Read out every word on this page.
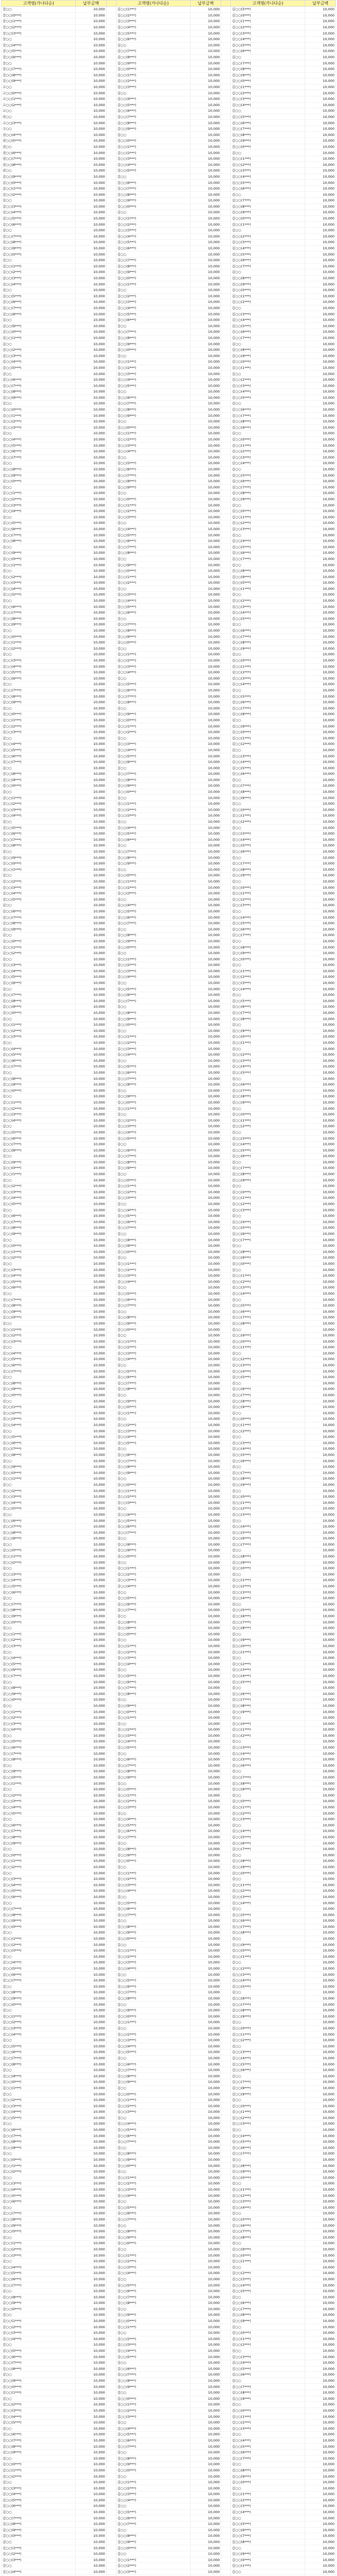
고객명(가나다순)	납부금액		고객명(가나다순)	납부금액		고객명(가나다순)	납부금액
강○○	10,000		김○○(1***)	10,000		김○○(5***)	10,000
강○○(0***)	10,000		김○○(2***)	10,000		김○○(0***)	10,000
강○○(1***)	10,000		김○○(3***)	10,000		김○○(1***)	10,000
강○○(2***)	10,000		김○○(4***)	10,000		김○○(2***)	10,000
강○○(3***)	10,000		김○○(5***)	10,000		김○○(3***)	10,000
강○○	10,000		김○○(6***)	10,000		김○○(4***)	10,000
강○○(4***)	10,000		김○○	10,000		김○○(5***)	10,000
강○○(5***)	10,000		김○○(7***)	10,000		김○○(6***)	10,000
강○○(6***)	10,000		김○○(8***)	10,000		김○○	10,000
강○○	10,000		김○○(9***)	10,000		김○○(7***)	10,000
강○○(7***)	10,000		김○○(0***)	10,000		김○○(8***)	10,000
강○○(8***)	10,000		김○○(1***)	10,000		김○○(9***)	10,000
강○○(9***)	10,000		김○○(2***)	10,000		김○○(0***)	10,000
고○○	10,000		김○○(3***)	10,000		김○○(1***)	10,000
고○○(0***)	10,000		김○○	10,000		김○○(2***)	10,000
고○○(1***)	10,000		김○○(4***)	10,000		김○○(3***)	10,000
고○○(2***)	10,000		김○○(5***)	10,000		김○○(4***)	10,000
고○○	10,000		김○○(6***)	10,000		김○○	10,000
곽○○	10,000		김○○(7***)	10,000		김○○(5***)	10,000
구○○(3***)	10,000		김○○(8***)	10,000		김○○(6***)	10,000
구○○	10,000		김○○(9***)	10,000		김○○(7***)	10,000
권○○(4***)	10,000		김○○	10,000		김○○(8***)	10,000
권○○(5***)	10,000		김○○(0***)	10,000		김○○(9***)	10,000
권○○	10,000		김○○(1***)	10,000		김○○(0***)	10,000
권○○(6***)	10,000		김○○(2***)	10,000		김○○	10,000
권○○(7***)	10,000		김○○(3***)	10,000		김○○(1***)	10,000
권○○(8***)	10,000		김○○(4***)	10,000		김○○(2***)	10,000
권○○	10,000		김○○(5***)	10,000		김○○(3***)	10,000
김○○(9***)	10,000		김○○	10,000		김○○(4***)	10,000
김○○(0***)	10,000		김○○(6***)	10,000		김○○(5***)	10,000
김○○(1***)	10,000		김○○(7***)	10,000		김○○(6***)	10,000
김○○(2***)	10,000		김○○(8***)	10,000		김○○	10,000
김○○	10,000		김○○(9***)	10,000		김○○(7***)	10,000
김○○(3***)	10,000		김○○(0***)	10,000		김○○(8***)	10,000
김○○(4***)	10,000		김○○	10,000		김○○(9***)	10,000
김○○(5***)	10,000		김○○(1***)	10,000		김○○(0***)	10,000
김○○(6***)	10,000		김○○(2***)	10,000		김○○(1***)	10,000
김○○	10,000		김○○(3***)	10,000		김○○	10,000
김○○(7***)	10,000		김○○(4***)	10,000		김○○(2***)	10,000
김○○(8***)	10,000		김○○(5***)	10,000		김○○(3***)	10,000
김○○(9***)	10,000		김○○(6***)	10,000		김○○(4***)	10,000
김○○(0***)	10,000		김○○	10,000		김○○(5***)	10,000
김○○	10,000		김○○(7***)	10,000		김○○(6***)	10,000
김○○(1***)	10,000		김○○(8***)	10,000		김○○(7***)	10,000
김○○(2***)	10,000		김○○(9***)	10,000		김○○	10,000
김○○(3***)	10,000		김○○(0***)	10,000		김○○(8***)	10,000
김○○(4***)	10,000		김○○(1***)	10,000		김○○(9***)	10,000
김○○	10,000		김○○	10,000		김○○(0***)	10,000
김○○(5***)	10,000		김○○(2***)	10,000		김○○(1***)	10,000
김○○(6***)	10,000		김○○(3***)	10,000		김○○(2***)	10,000
김○○(7***)	10,000		김○○(4***)	10,000		김○○	10,000
김○○(8***)	10,000		김○○(5***)	10,000		김○○(3***)	10,000
김○○	10,000		김○○(6***)	10,000		김○○(4***)	10,000
김○○(9***)	10,000		김○○	10,000		김○○(5***)	10,000
김○○(0***)	10,000		김○○(7***)	10,000		김○○(6***)	10,000
김○○(1***)	10,000		김○○(8***)	10,000		김○○(7***)	10,000
김○○	10,000		김○○(9***)	10,000		김○○	10,000
김○○(2***)	10,000		김○○(0***)	10,000		김○○(8***)	10,000
김○○(3***)	10,000		김○○	10,000		김○○(9***)	10,000
김○○(4***)	10,000		김○○(1***)	10,000		김○○(0***)	10,000
김○○(5***)	10,000		김○○(2***)	10,000		김○○(1***)	10,000
김○○	10,000		김○○(3***)	10,000		김○○	10,000
김○○(6***)	10,000		김○○(4***)	10,000		김○○(2***)	10,000
김○○(7***)	10,000		김○○(5***)	10,000		김○○(3***)	10,000
김○○(8***)	10,000		김○○	10,000		김○○(4***)	10,000
김○○(9***)	10,000		김○○(6***)	10,000		김○○(5***)	10,000
김○○	10,000		김○○(7***)	10,000		김○○	10,000
김○○(0***)	10,000		김○○(8***)	10,000		김○○(6***)	10,000
김○○(1***)	10,000		김○○(9***)	10,000		김○○(7***)	10,000
김○○(2***)	10,000		김○○	10,000		김○○(8***)	10,000
김○○(3***)	10,000		김○○(0***)	10,000		김○○(9***)	10,000
김○○	10,000		김○○(1***)	10,000		김○○	10,000
김○○(4***)	10,000		김○○(2***)	10,000		김○○(0***)	10,000
김○○(5***)	10,000		김○○(3***)	10,000		김○○(1***)	10,000
김○○(6***)	10,000		김○○(4***)	10,000		김○○(2***)	10,000
김○○(7***)	10,000		김○○	10,000		김○○(3***)	10,000
김○○	10,000		김○○(5***)	10,000		김○○(4***)	10,000
김○○(8***)	10,000		김○○(6***)	10,000		김○○	10,000
김○○(9***)	10,000		김○○(7***)	10,000		김○○(5***)	10,000
김○○(0***)	10,000		김○○(8***)	10,000		김○○(6***)	10,000
김○○	10,000		김○○(9***)	10,000		김○○(7***)	10,000
김○○(1***)	10,000		김○○	10,000		김○○(8***)	10,000
김○○(2***)	10,000		김○○(0***)	10,000		김○○(9***)	10,000
김○○(3***)	10,000		김○○(1***)	10,000		김○○	10,000
김○○(4***)	10,000		김○○(2***)	10,000		김○○(0***)	10,000
김○○	10,000		김○○(3***)	10,000		김○○(1***)	10,000
김○○(5***)	10,000		김○○	10,000		김○○(2***)	10,000
김○○(6***)	10,000		김○○(4***)	10,000		김○○(3***)	10,000
김○○(7***)	10,000		김○○(5***)	10,000		김○○	10,000
김○○(8***)	10,000		김○○(6***)	10,000		김○○(4***)	10,000
김○○	10,000		김○○(7***)	10,000		김○○(5***)	10,000
김○○(9***)	10,000		김○○(8***)	10,000		김○○(6***)	10,000
김○○(0***)	10,000		김○○	10,000		김○○(7***)	10,000
김○○(1***)	10,000		김○○(9***)	10,000		김○○	10,000
김○○	10,000		김○○(0***)	10,000		김○○(8***)	10,000
김○○(2***)	10,000		김○○(1***)	10,000		김○○(9***)	10,000
김○○(3***)	10,000		김○○(2***)	10,000		김○○(0***)	10,000
김○○(4***)	10,000		김○○	10,000		김○○(1***)	10,000
김○○(5***)	10,000		김○○(3***)	10,000		김○○	10,000
김○○	10,000		김○○(4***)	10,000		김○○(2***)	10,000
김○○(6***)	10,000		김○○(5***)	10,000		김○○(3***)	10,000
김○○(7***)	10,000		김○○(6***)	10,000		김○○(4***)	10,000
김○○(8***)	10,000		김○○	10,000		김○○(5***)	10,000
김○○(9***)	10,000		김○○(7***)	10,000		김○○	10,000
김○○	10,000		김○○(8***)	10,000		김○○(6***)	10,000
김○○(0***)	10,000		김○○(9***)	10,000		김○○(7***)	10,000
김○○(1***)	10,000		김○○(0***)	10,000		김○○(8***)	10,000
김○○(2***)	10,000		김○○	10,000		김○○(9***)	10,000
김○○	10,000		김○○(1***)	10,000		김○○	10,000
김○○(3***)	10,000		김○○(2***)	10,000		김○○(0***)	10,000
김○○(4***)	10,000		김○○(3***)	10,000		김○○(1***)	10,000
김○○(5***)	10,000		김○○(4***)	10,000		김○○(2***)	10,000
김○○(6***)	10,000		김○○	10,000		김○○(3***)	10,000
김○○	10,000		김○○(5***)	10,000		김○○(4***)	10,000
김○○(7***)	10,000		김○○(6***)	10,000		김○○	10,000
김○○(8***)	10,000		김○○(7***)	10,000		김○○(5***)	10,000
김○○(9***)	10,000		김○○(8***)	10,000		김○○(6***)	10,000
김○○	10,000		김○○	10,000		김○○(7***)	10,000
김○○(0***)	10,000		김○○(9***)	10,000		김○○(8***)	10,000
김○○(1***)	10,000		김○○(0***)	10,000		김○○	10,000
김○○(2***)	10,000		김○○(1***)	10,000		김○○(9***)	10,000
김○○(3***)	10,000		김○○(2***)	10,000		김○○(0***)	10,000
김○○	10,000		김○○	10,000		김○○(1***)	10,000
김○○(4***)	10,000		김○○(3***)	10,000		김○○(2***)	10,000
김○○(5***)	10,000		김○○(4***)	10,000		김○○	10,000
김○○(6***)	10,000		김○○(5***)	10,000		김○○(3***)	10,000
김○○(7***)	10,000		김○○(6***)	10,000		김○○(4***)	10,000
김○○	10,000		김○○	10,000		김○○(5***)	10,000
김○○(8***)	10,000		김○○(7***)	10,000		김○○(6***)	10,000
김○○(9***)	10,000		김○○(8***)	10,000		김○○	10,000
김○○(0***)	10,000		김○○(9***)	10,000		김○○(7***)	10,000
김○○	10,000		김○○(0***)	10,000		김○○(8***)	10,000
김○○(1***)	10,000		김○○	10,000		김○○(9***)	10,000
김○○(2***)	10,000		김○○(1***)	10,000		김○○	10,000
김○○(3***)	10,000		김○○(2***)	10,000		김○○(0***)	10,000
김○○(4***)	10,000		김○○(3***)	10,000		김○○(1***)	10,000
김○○	10,000		김○○	10,000		김○○(2***)	10,000
김○○(5***)	10,000		김○○(4***)	10,000		김○○	10,000
김○○(6***)	10,000		김○○(5***)	10,000		김○○(3***)	10,000
김○○(7***)	10,000		김○○(6***)	10,000		김○○(4***)	10,000
김○○(8***)	10,000		김○○	10,000		김○○(5***)	10,000
김○○	10,000		김○○(7***)	10,000		김○○(6***)	10,000
김○○(9***)	10,000		김○○(8***)	10,000		김○○	10,000
김○○(0***)	10,000		김○○(9***)	10,000		김○○(7***)	10,000
김○○(1***)	10,000		김○○	10,000		김○○(8***)	10,000
김○○	10,000		김○○(0***)	10,000		김○○(9***)	10,000
김○○(2***)	10,000		김○○(1***)	10,000		김○○	10,000
김○○(3***)	10,000		김○○(2***)	10,000		김○○(0***)	10,000
김○○(4***)	10,000		김○○(3***)	10,000		김○○(1***)	10,000
김○○(5***)	10,000		김○○	10,000		김○○(2***)	10,000
김○○	10,000		김○○(4***)	10,000		김○○(3***)	10,000
김○○(6***)	10,000		김○○(5***)	10,000		김○○	10,000
김○○(7***)	10,000		김○○(6***)	10,000		김○○(4***)	10,000
김○○(8***)	10,000		김○○(7***)	10,000		김○○(5***)	10,000
김○○(9***)	10,000		김○○	10,000		김○○(6***)	10,000
김○○	10,000		김○○(8***)	10,000		김○○(7***)	10,000
김○○(0***)	10,000		김○○(9***)	10,000		김○○	10,000
김○○(1***)	10,000		김○○(0***)	10,000		김○○(8***)	10,000
김○○(2***)	10,000		김○○	10,000		김○○(9***)	10,000
김○○	10,000		김○○(1***)	10,000		김○○(0***)	10,000
김○○(3***)	10,000		김○○(2***)	10,000		김○○	10,000
김○○(4***)	10,000		김○○(3***)	10,000		김○○(1***)	10,000
김○○(5***)	10,000		김○○(4***)	10,000		김○○(2***)	10,000
김○○(6***)	10,000		김○○	10,000		김○○(3***)	10,000
김○○	10,000		김○○(5***)	10,000		김○○(4***)	10,000
김○○(7***)	10,000		김○○(6***)	10,000		김○○	10,000
김○○(8***)	10,000		김○○(7***)	10,000		김○○(5***)	10,000
김○○(9***)	10,000		김○○	10,000		김○○(6***)	10,000
김○○(0***)	10,000		김○○(8***)	10,000		김○○(7***)	10,000
김○○	10,000		김○○(9***)	10,000		김○○(8***)	10,000
김○○(1***)	10,000		김○○(0***)	10,000		김○○	10,000
김○○(2***)	10,000		김○○	10,000		김○○(9***)	10,000
김○○(3***)	10,000		김○○(1***)	10,000		김○○(0***)	10,000
김○○	10,000		김○○(2***)	10,000		김○○(1***)	10,000
김○○(4***)	10,000		김○○(3***)	10,000		김○○	10,000
김○○(5***)	10,000		김○○(4***)	10,000		김○○(2***)	10,000
김○○(6***)	10,000		김○○	10,000		김○○(3***)	10,000
김○○(7***)	10,000		김○○(5***)	10,000		김○○(4***)	10,000
김○○	10,000		김○○(6***)	10,000		김○○(5***)	10,000
김○○(8***)	10,000		김○○(7***)	10,000		김○○	10,000
김○○(9***)	10,000		김○○(8***)	10,000		김○○(6***)	10,000
김○○(0***)	10,000		김○○	10,000		김○○(7***)	10,000
김○○	10,000		김○○(9***)	10,000		김○○(8***)	10,000
김○○(1***)	10,000		김○○(0***)	10,000		김○○(9***)	10,000
김○○(2***)	10,000		김○○(1***)	10,000		김○○	10,000
김○○(3***)	10,000		김○○	10,000		김○○(0***)	10,000
김○○(4***)	10,000		김○○(2***)	10,000		김○○(1***)	10,000
김○○	10,000		김○○(3***)	10,000		김○○(2***)	10,000
김○○(5***)	10,000		김○○(4***)	10,000		김○○	10,000
김○○(6***)	10,000		김○○(5***)	10,000		김○○(3***)	10,000
김○○(7***)	10,000		김○○	10,000		김○○(4***)	10,000
김○○(8***)	10,000		김○○(6***)	10,000		김○○(5***)	10,000
김○○	10,000		김○○(7***)	10,000		김○○(6***)	10,000
김○○(9***)	10,000		김○○(8***)	10,000		김○○	10,000
김○○(0***)	10,000		김○○(9***)	10,000		김○○(7***)	10,000
김○○(1***)	10,000		김○○	10,000		김○○(8***)	10,000
김○○	10,000		김○○(0***)	10,000		김○○(9***)	10,000
김○○(2***)	10,000		김○○(1***)	10,000		김○○	10,000
김○○(3***)	10,000		김○○(2***)	10,000		김○○(0***)	10,000
김○○(4***)	10,000		김○○(3***)	10,000		김○○(1***)	10,000
김○○(5***)	10,000		김○○	10,000		김○○(2***)	10,000
김○○	10,000		김○○(4***)	10,000		김○○(3***)	10,000
김○○(6***)	10,000		김○○(5***)	10,000		김○○	10,000
김○○(7***)	10,000		김○○(6***)	10,000		김○○(4***)	10,000
김○○(8***)	10,000		김○○(7***)	10,000		김○○(5***)	10,000
김○○(9***)	10,000		김○○	10,000		김○○(6***)	10,000
김○○	10,000		김○○(8***)	10,000		김○○(7***)	10,000
김○○(0***)	10,000		김○○(9***)	10,000		김○○	10,000
김○○(1***)	10,000		김○○(0***)	10,000		김○○(8***)	10,000
김○○(2***)	10,000		김○○	10,000		김○○(9***)	10,000
김○○	10,000		김○○(1***)	10,000		김○○(0***)	10,000
김○○(3***)	10,000		김○○(2***)	10,000		김○○	10,000
김○○(4***)	10,000		김○○(3***)	10,000		김○○(1***)	10,000
김○○(5***)	10,000		김○○(4***)	10,000		김○○(2***)	10,000
김○○(6***)	10,000		김○○	10,000		김○○(3***)	10,000
김○○	10,000		김○○(5***)	10,000		김○○(4***)	10,000
김○○(7***)	10,000		김○○(6***)	10,000		김○○	10,000
김○○(8***)	10,000		김○○(7***)	10,000		김○○(5***)	10,000
김○○(9***)	10,000		김○○	10,000		김○○(6***)	10,000
김○○(0***)	10,000		김○○(8***)	10,000		김○○(7***)	10,000
김○○	10,000		김○○(9***)	10,000		김○○(8***)	10,000
김○○(1***)	10,000		김○○(0***)	10,000		김○○	10,000
김○○(2***)	10,000		김○○	10,000		김○○(9***)	10,000
김○○(3***)	10,000		김○○(1***)	10,000		김○○(0***)	10,000
김○○	10,000		김○○(2***)	10,000		김○○(1***)	10,000
김○○(4***)	10,000		김○○(3***)	10,000		김○○	10,000
김○○(5***)	10,000		김○○(4***)	10,000		김○○(2***)	10,000
김○○(6***)	10,000		김○○	10,000		김○○(3***)	10,000
김○○(7***)	10,000		김○○(5***)	10,000		김○○(4***)	10,000
김○○	10,000		김○○(6***)	10,000		김○○(5***)	10,000
김○○(8***)	10,000		김○○(7***)	10,000		김○○	10,000
김○○(9***)	10,000		김○○(8***)	10,000		김○○(6***)	10,000
김○○(0***)	10,000		김○○	10,000		김○○(7***)	10,000
김○○	10,000		김○○(9***)	10,000		김○○(8***)	10,000
김○○(1***)	10,000		김○○(0***)	10,000		김○○(9***)	10,000
김○○(2***)	10,000		김○○(1***)	10,000		김○○	10,000
김○○(3***)	10,000		김○○	10,000		김○○(0***)	10,000
김○○(4***)	10,000		김○○(2***)	10,000		김○○(1***)	10,000
김○○	10,000		김○○(3***)	10,000		김○○(2***)	10,000
김○○(5***)	10,000		김○○(4***)	10,000		김○○	10,000
김○○(6***)	10,000		김○○(5***)	10,000		김○○(3***)	10,000
김○○(7***)	10,000		김○○	10,000		김○○(4***)	10,000
김○○(8***)	10,000		김○○(6***)	10,000		김○○(5***)	10,000
김○○	10,000		김○○(7***)	10,000		김○○(6***)	10,000
김○○(9***)	10,000		김○○(8***)	10,000		김○○	10,000
김○○(0***)	10,000		김○○(9***)	10,000		김○○(7***)	10,000
김○○(1***)	10,000		김○○	10,000		김○○(8***)	10,000
김○○	10,000		김○○(0***)	10,000		김○○(9***)	10,000
김○○(2***)	10,000		김○○(1***)	10,000		김○○	10,000
김○○(3***)	10,000		김○○(2***)	10,000		김○○(0***)	10,000
김○○(4***)	10,000		김○○(3***)	10,000		김○○(1***)	10,000
김○○(5***)	10,000		김○○	10,000		김○○(2***)	10,000
김○○	10,000		김○○(4***)	10,000		김○○(3***)	10,000
김○○(6***)	10,000		김○○(5***)	10,000		김○○	10,000
김○○(7***)	10,000		김○○(6***)	10,000		김○○(4***)	10,000
김○○(8***)	10,000		김○○(7***)	10,000		김○○(5***)	10,000
김○○(9***)	10,000		김○○	10,000		김○○(6***)	10,000
김○○	10,000		김○○(8***)	10,000		김○○(7***)	10,000
김○○(0***)	10,000		김○○(9***)	10,000		김○○	10,000
김○○(1***)	10,000		김○○(0***)	10,000		김○○(8***)	10,000
김○○(2***)	10,000		김○○	10,000		김○○(9***)	10,000
김○○	10,000		김○○(1***)	10,000		김○○(0***)	10,000
김○○(3***)	10,000		김○○(2***)	10,000		김○○	10,000
김○○(4***)	10,000		김○○(3***)	10,000		김○○(1***)	10,000
김○○(5***)	10,000		김○○(4***)	10,000		김○○(2***)	10,000
김○○(6***)	10,000		김○○	10,000		김○○(3***)	10,000
김○○	10,000		김○○(5***)	10,000		김○○(4***)	10,000
김○○(7***)	10,000		김○○(6***)	10,000		김○○	10,000
김○○(8***)	10,000		김○○(7***)	10,000		김○○(5***)	10,000
김○○(9***)	10,000		김○○	10,000		김○○(6***)	10,000
김○○(0***)	10,000		김○○(8***)	10,000		김○○(7***)	10,000
김○○	10,000		김○○(9***)	10,000		김○○(8***)	10,000
김○○(1***)	10,000		김○○(0***)	10,000		김○○	10,000
김○○(2***)	10,000		김○○	10,000		김○○(9***)	10,000
김○○(3***)	10,000		김○○(1***)	10,000		김○○(0***)	10,000
김○○	10,000		김○○(2***)	10,000		김○○(1***)	10,000
김○○(4***)	10,000		김○○(3***)	10,000		김○○	10,000
김○○(5***)	10,000		김○○(4***)	10,000		김○○(2***)	10,000
김○○(6***)	10,000		김○○	10,000		김○○(3***)	10,000
김○○(7***)	10,000		김○○(5***)	10,000		김○○(4***)	10,000
김○○	10,000		김○○(6***)	10,000		김○○(5***)	10,000
김○○(8***)	10,000		김○○(7***)	10,000		김○○	10,000
김○○(9***)	10,000		김○○(8***)	10,000		김○○(6***)	10,000
김○○(0***)	10,000		김○○	10,000		김○○(7***)	10,000
김○○	10,000		김○○(9***)	10,000		김○○(8***)	10,000
김○○(1***)	10,000		김○○(0***)	10,000		김○○(9***)	10,000
김○○(2***)	10,000		김○○(1***)	10,000		김○○	10,000
김○○(3***)	10,000		김○○	10,000		김○○(0***)	10,000
김○○(4***)	10,000		김○○(2***)	10,000		김○○(1***)	10,000
김○○	10,000		김○○(3***)	10,000		김○○(2***)	10,000
김○○(5***)	10,000		김○○(4***)	10,000		김○○	10,000
김○○(6***)	10,000		김○○(5***)	10,000		김○○(3***)	10,000
김○○(7***)	10,000		김○○	10,000		김○○(4***)	10,000
김○○(8***)	10,000		김○○(6***)	10,000		김○○(5***)	10,000
김○○	10,000		김○○(7***)	10,000		김○○(6***)	10,000
김○○(9***)	10,000		김○○(8***)	10,000		김○○	10,000
김○○(0***)	10,000		김○○(9***)	10,000		김○○(7***)	10,000
김○○(1***)	10,000		김○○	10,000		김○○(8***)	10,000
김○○	10,000		김○○(0***)	10,000		김○○(9***)	10,000
김○○(2***)	10,000		김○○(1***)	10,000		김○○	10,000
김○○(3***)	10,000		김○○(2***)	10,000		김○○(0***)	10,000
김○○(4***)	10,000		김○○(3***)	10,000		김○○(1***)	10,000
김○○(5***)	10,000		김○○	10,000		김○○(2***)	10,000
김○○	10,000		김○○(4***)	10,000		김○○(3***)	10,000
김○○(6***)	10,000		김○○(5***)	10,000		김○○	10,000
김○○(7***)	10,000		김○○(6***)	10,000		김○○(4***)	10,000
김○○(8***)	10,000		김○○(7***)	10,000		김○○(5***)	10,000
김○○(9***)	10,000		김○○	10,000		김○○(6***)	10,000
김○○	10,000		김○○(8***)	10,000		김○○(7***)	10,000
김○○(0***)	10,000		김○○(9***)	10,000		김○○	10,000
김○○(1***)	10,000		김○○(0***)	10,000		김○○(8***)	10,000
김○○(2***)	10,000		김○○	10,000		김○○(9***)	10,000
김○○	10,000		김○○(1***)	10,000		김○○(0***)	10,000
김○○(3***)	10,000		김○○(2***)	10,000		김○○	10,000
김○○(4***)	10,000		김○○(3***)	10,000		김○○(1***)	10,000
김○○(5***)	10,000		김○○(4***)	10,000		김○○(2***)	10,000
김○○(6***)	10,000		김○○	10,000		김○○(3***)	10,000
김○○	10,000		김○○(5***)	10,000		김○○(4***)	10,000
김○○(7***)	10,000		김○○(6***)	10,000		김○○	10,000
김○○(8***)	10,000		김○○(7***)	10,000		김○○(5***)	10,000
김○○(9***)	10,000		김○○	10,000		김○○(6***)	10,000
김○○(0***)	10,000		김○○(8***)	10,000		김○○(7***)	10,000
김○○	10,000		김○○(9***)	10,000		김○○(8***)	10,000
김○○(1***)	10,000		김○○(0***)	10,000		김○○	10,000
김○○(2***)	10,000		김○○	10,000		김○○(9***)	10,000
김○○(3***)	10,000		김○○(1***)	10,000		김○○(0***)	10,000
김○○	10,000		김○○(2***)	10,000		김○○(1***)	10,000
김○○(4***)	10,000		김○○(3***)	10,000		김○○	10,000
김○○(5***)	10,000		김○○(4***)	10,000		김○○(2***)	10,000
김○○(6***)	10,000		김○○	10,000		김○○(3***)	10,000
김○○(7***)	10,000		김○○(5***)	10,000		김○○(4***)	10,000
김○○	10,000		김○○(6***)	10,000		김○○(5***)	10,000
김○○(8***)	10,000		김○○(7***)	10,000		김○○	10,000
김○○(9***)	10,000		김○○(8***)	10,000		김○○(6***)	10,000
김○○(0***)	10,000		김○○	10,000		김○○(7***)	10,000
김○○	10,000		김○○(9***)	10,000		김○○(8***)	10,000
김○○(1***)	10,000		김○○(0***)	10,000		김○○(9***)	10,000
김○○(2***)	10,000		김○○(1***)	10,000		김○○	10,000
김○○(3***)	10,000		김○○	10,000		김○○(0***)	10,000
김○○(4***)	10,000		김○○(2***)	10,000		김○○(1***)	10,000
김○○	10,000		김○○(3***)	10,000		김○○(2***)	10,000
김○○(5***)	10,000		김○○(4***)	10,000		김○○	10,000
김○○(6***)	10,000		김○○(5***)	10,000		김○○(3***)	10,000
김○○(7***)	10,000		김○○	10,000		김○○(4***)	10,000
김○○(8***)	10,000		김○○(6***)	10,000		김○○(5***)	10,000
김○○	10,000		김○○(7***)	10,000		김○○(6***)	10,000
김○○(9***)	10,000		김○○(8***)	10,000		김○○	10,000
김○○(0***)	10,000		김○○(9***)	10,000		김○○(7***)	10,000
김○○(1***)	10,000		김○○	10,000		김○○(8***)	10,000
김○○	10,000		김○○(0***)	10,000		김○○(9***)	10,000
김○○(2***)	10,000		김○○(1***)	10,000		김○○	10,000
김○○(3***)	10,000		김○○(2***)	10,000		김○○(0***)	10,000
김○○(4***)	10,000		김○○(3***)	10,000		김○○(1***)	10,000
김○○(5***)	10,000		김○○	10,000		김○○(2***)	10,000
김○○	10,000		김○○(4***)	10,000		김○○(3***)	10,000
김○○(6***)	10,000		김○○(5***)	10,000		김○○	10,000
김○○(7***)	10,000		김○○(6***)	10,000		김○○(4***)	10,000
김○○(8***)	10,000		김○○(7***)	10,000		김○○(5***)	10,000
김○○(9***)	10,000		김○○	10,000		김○○(6***)	10,000
김○○	10,000		김○○(8***)	10,000		김○○(7***)	10,000
김○○(0***)	10,000		김○○(9***)	10,000		김○○	10,000
김○○(1***)	10,000		김○○(0***)	10,000		김○○(8***)	10,000
김○○(2***)	10,000		김○○	10,000		김○○(9***)	10,000
김○○	10,000		김○○(1***)	10,000		김○○(0***)	10,000
김○○(3***)	10,000		김○○(2***)	10,000		김○○	10,000
김○○(4***)	10,000		김○○(3***)	10,000		김○○(1***)	10,000
김○○(5***)	10,000		김○○(4***)	10,000		김○○(2***)	10,000
김○○(6***)	10,000		김○○	10,000		김○○(3***)	10,000
김○○	10,000		김○○(5***)	10,000		김○○(4***)	10,000
김○○(7***)	10,000		김○○(6***)	10,000		김○○	10,000
김○○(8***)	10,000		김○○(7***)	10,000		김○○(5***)	10,000
김○○(9***)	10,000		김○○	10,000		김○○(6***)	10,000
김○○(0***)	10,000		김○○(8***)	10,000		김○○(7***)	10,000
김○○	10,000		김○○(9***)	10,000		김○○(8***)	10,000
김○○(1***)	10,000		김○○(0***)	10,000		김○○	10,000
김○○(2***)	10,000		김○○	10,000		김○○(9***)	10,000
김○○(3***)	10,000		김○○(1***)	10,000		김○○(0***)	10,000
김○○	10,000		김○○(2***)	10,000		김○○(1***)	10,000
김○○(4***)	10,000		김○○(3***)	10,000		김○○	10,000
김○○(5***)	10,000		김○○(4***)	10,000		김○○(2***)	10,000
김○○(6***)	10,000		김○○	10,000		김○○(3***)	10,000
김○○(7***)	10,000		김○○(5***)	10,000		김○○(4***)	10,000
김○○	10,000		김○○(6***)	10,000		김○○(5***)	10,000
김○○(8***)	10,000		김○○(7***)	10,000		김○○	10,000
김○○(9***)	10,000		김○○(8***)	10,000		김○○(6***)	10,000
김○○(0***)	10,000		김○○	10,000		김○○(7***)	10,000
김○○	10,000		김○○(9***)	10,000		김○○(8***)	10,000
김○○(1***)	10,000		김○○(0***)	10,000		김○○(9***)	10,000
김○○(2***)	10,000		김○○(1***)	10,000		김○○	10,000
김○○(3***)	10,000		김○○	10,000		김○○(0***)	10,000
김○○(4***)	10,000		김○○(2***)	10,000		김○○(1***)	10,000
김○○	10,000		김○○(3***)	10,000		김○○(2***)	10,000
김○○(5***)	10,000		김○○(4***)	10,000		김○○	10,000
김○○(6***)	10,000		김○○(5***)	10,000		김○○(3***)	10,000
김○○(7***)	10,000		김○○	10,000		김○○(4***)	10,000
김○○(8***)	10,000		김○○(6***)	10,000		김○○(5***)	10,000
김○○	10,000		김○○(7***)	10,000		김○○(6***)	10,000
김○○(9***)	10,000		김○○(8***)	10,000		김○○	10,000
김○○(0***)	10,000		김○○(9***)	10,000		김○○(7***)	10,000
김○○(1***)	10,000		김○○	10,000		김○○(8***)	10,000
김○○	10,000		김○○(0***)	10,000		김○○(9***)	10,000
김○○(2***)	10,000		김○○(1***)	10,000		김○○	10,000
김○○(3***)	10,000		김○○(2***)	10,000		김○○(0***)	10,000
김○○(4***)	10,000		김○○(3***)	10,000		김○○(1***)	10,000
김○○(5***)	10,000		김○○	10,000		김○○(2***)	10,000
김○○	10,000		김○○(4***)	10,000		김○○(3***)	10,000
김○○(6***)	10,000		김○○(5***)	10,000		김○○	10,000
김○○(7***)	10,000		김○○(6***)	10,000		김○○(4***)	10,000
김○○(8***)	10,000		김○○(7***)	10,000		김○○(5***)	10,000
김○○(9***)	10,000		김○○	10,000		김○○(6***)	10,000
김○○	10,000		김○○(8***)	10,000		김○○(7***)	10,000
김○○(0***)	10,000		김○○(9***)	10,000		김○○	10,000
김○○(1***)	10,000		김○○(0***)	10,000		김○○(8***)	10,000
김○○(2***)	10,000		김○○	10,000		김○○(9***)	10,000
김○○	10,000		김○○(1***)	10,000		김○○(0***)	10,000
김○○(3***)	10,000		김○○(2***)	10,000		김○○	10,000
김○○(4***)	10,000		김○○(3***)	10,000		김○○(1***)	10,000
김○○(5***)	10,000		김○○(4***)	10,000		김○○(2***)	10,000
김○○(6***)	10,000		김○○	10,000		김○○(3***)	10,000
김○○	10,000		김○○(5***)	10,000		김○○(4***)	10,000
김○○(7***)	10,000		김○○(6***)	10,000		김○○	10,000
김○○(8***)	10,000		김○○(7***)	10,000		김○○(5***)	10,000
김○○(9***)	10,000		김○○	10,000		김○○(6***)	10,000
김○○(0***)	10,000		김○○(8***)	10,000		김○○(7***)	10,000
김○○	10,000		김○○(9***)	10,000		김○○(8***)	10,000
김○○(1***)	10,000		김○○(0***)	10,000		김○○	10,000
김○○(2***)	10,000		김○○	10,000		김○○(9***)	10,000
김○○(3***)	10,000		김○○(1***)	10,000		김○○(0***)	10,000
김○○	10,000		김○○(2***)	10,000		김○○(1***)	10,000
김○○(4***)	10,000		김○○(3***)	10,000		김○○	10,000
